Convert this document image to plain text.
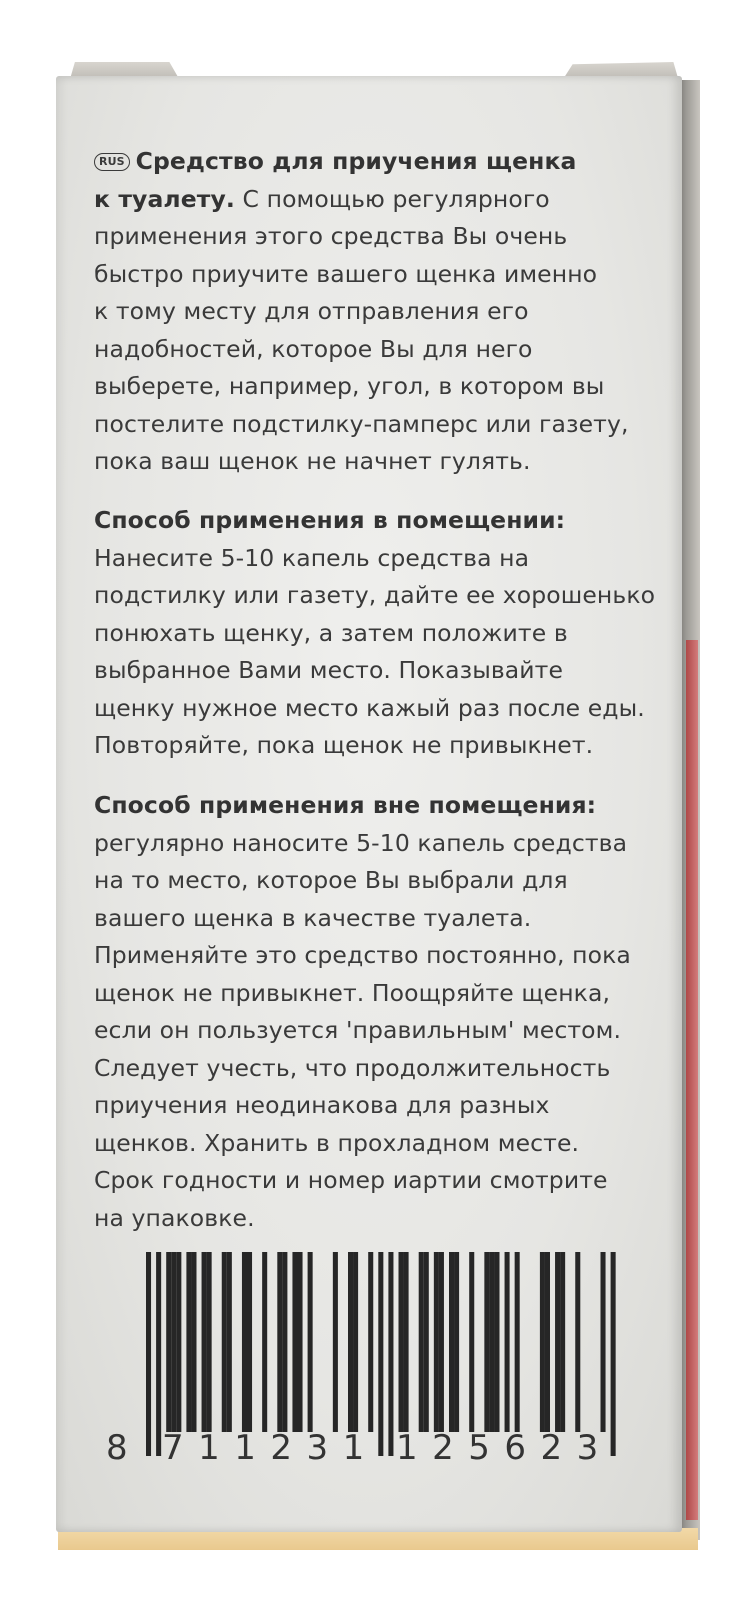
RUS Средство для приучения щенка
к туалету. С помощью регулярного
применения этого средства Вы очень
быстро приучите вашего щенка именно
к тому месту для отправления его
надобностей, которое Вы для него
выберете, например, угол, в котором вы
постелите подстилку-памперс или газету,
пока ваш щенок не начнет гулять.
Способ применения в помещении:
Нанесите 5-10 капель средства на
подстилку или газету, дайте ее хорошенько
понюхать щенку, а затем положите в
выбранное Вами место. Показывайте
щенку нужное место кажый раз после еды.
Повторяйте, пока щенок не привыкнет.
Способ применения вне помещения:
регулярно наносите 5-10 капель средства
на то место, которое Вы выбрали для
вашего щенка в качестве туалета.
Применяйте это средство постоянно, пока
щенок не привыкнет. Поощряйте щенка,
если он пользуется 'правильным' местом.
Следует учесть, что продолжительность
приучения неодинакова для разных
щенков. Хранить в прохладном месте.
Срок годности и номер иартии смотрите
на упаковке.
8 711231 125623
